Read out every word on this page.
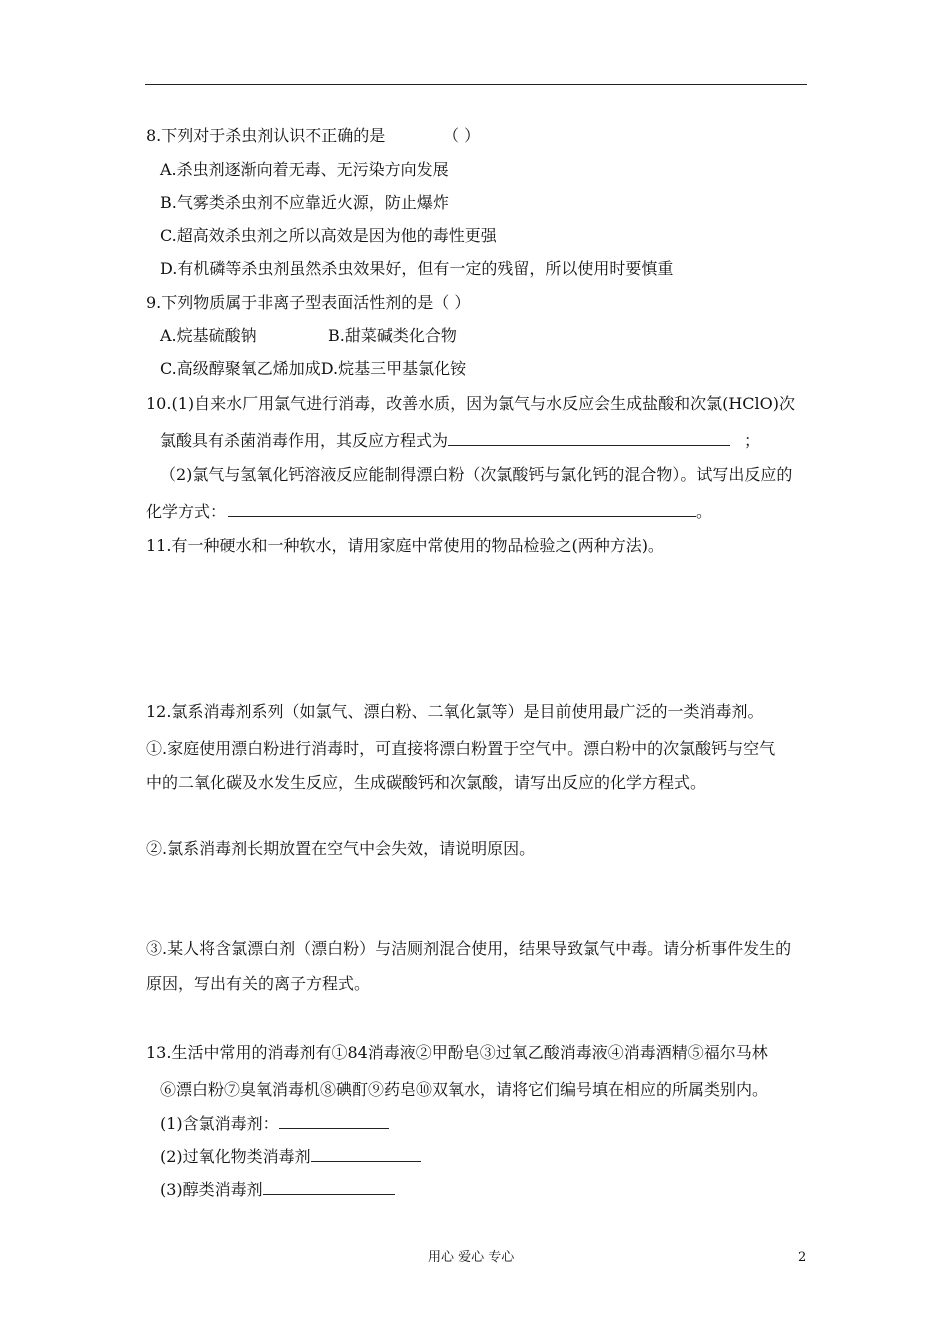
8.下列对于杀虫剂认识不正确的是	（ ）
A.杀虫剂逐渐向着无毒、无污染方向发展
B.气雾类杀虫剂不应靠近火源，防止爆炸
C.超高效杀虫剂之所以高效是因为他的毒性更强
D.有机磷等杀虫剂虽然杀虫效果好，但有一定的残留，所以使用时要慎重
9.下列物质属于非离子型表面活性剂的是（ ）
A.烷基硫酸钠	B.甜菜碱类化合物
C.高级醇聚氧乙烯加成D.烷基三甲基氯化铵
10.(1)自来水厂用氯气进行消毒，改善水质，因为氯气与水反应会生成盐酸和次氯(HClO)次
氯酸具有杀菌消毒作用，其反应方程式为	；
（2)氯气与氢氧化钙溶液反应能制得漂白粉（次氯酸钙与氯化钙的混合物）。试写出反应的
化学方式：	。
11.有一种硬水和一种软水，请用家庭中常使用的物品检验之(两种方法)。
12.氯系消毒剂系列（如氯气、漂白粉、二氧化氯等）是目前使用最广泛的一类消毒剂。
①.家庭使用漂白粉进行消毒时，可直接将漂白粉置于空气中。漂白粉中的次氯酸钙与空气
中的二氧化碳及水发生反应，生成碳酸钙和次氯酸，请写出反应的化学方程式。
②.氯系消毒剂长期放置在空气中会失效，请说明原因。
③.某人将含氯漂白剂（漂白粉）与洁厕剂混合使用，结果导致氯气中毒。请分析事件发生的
原因，写出有关的离子方程式。
13.生活中常用的消毒剂有①84消毒液②甲酚皂③过氧乙酸消毒液④消毒酒精⑤福尔马林
⑥漂白粉⑦臭氧消毒机⑧碘酊⑨药皂⑩双氧水，请将它们编号填在相应的所属类别内。
(1)含氯消毒剂：
(2)过氧化物类消毒剂
(3)醇类消毒剂
用心 爱心 专心	2
